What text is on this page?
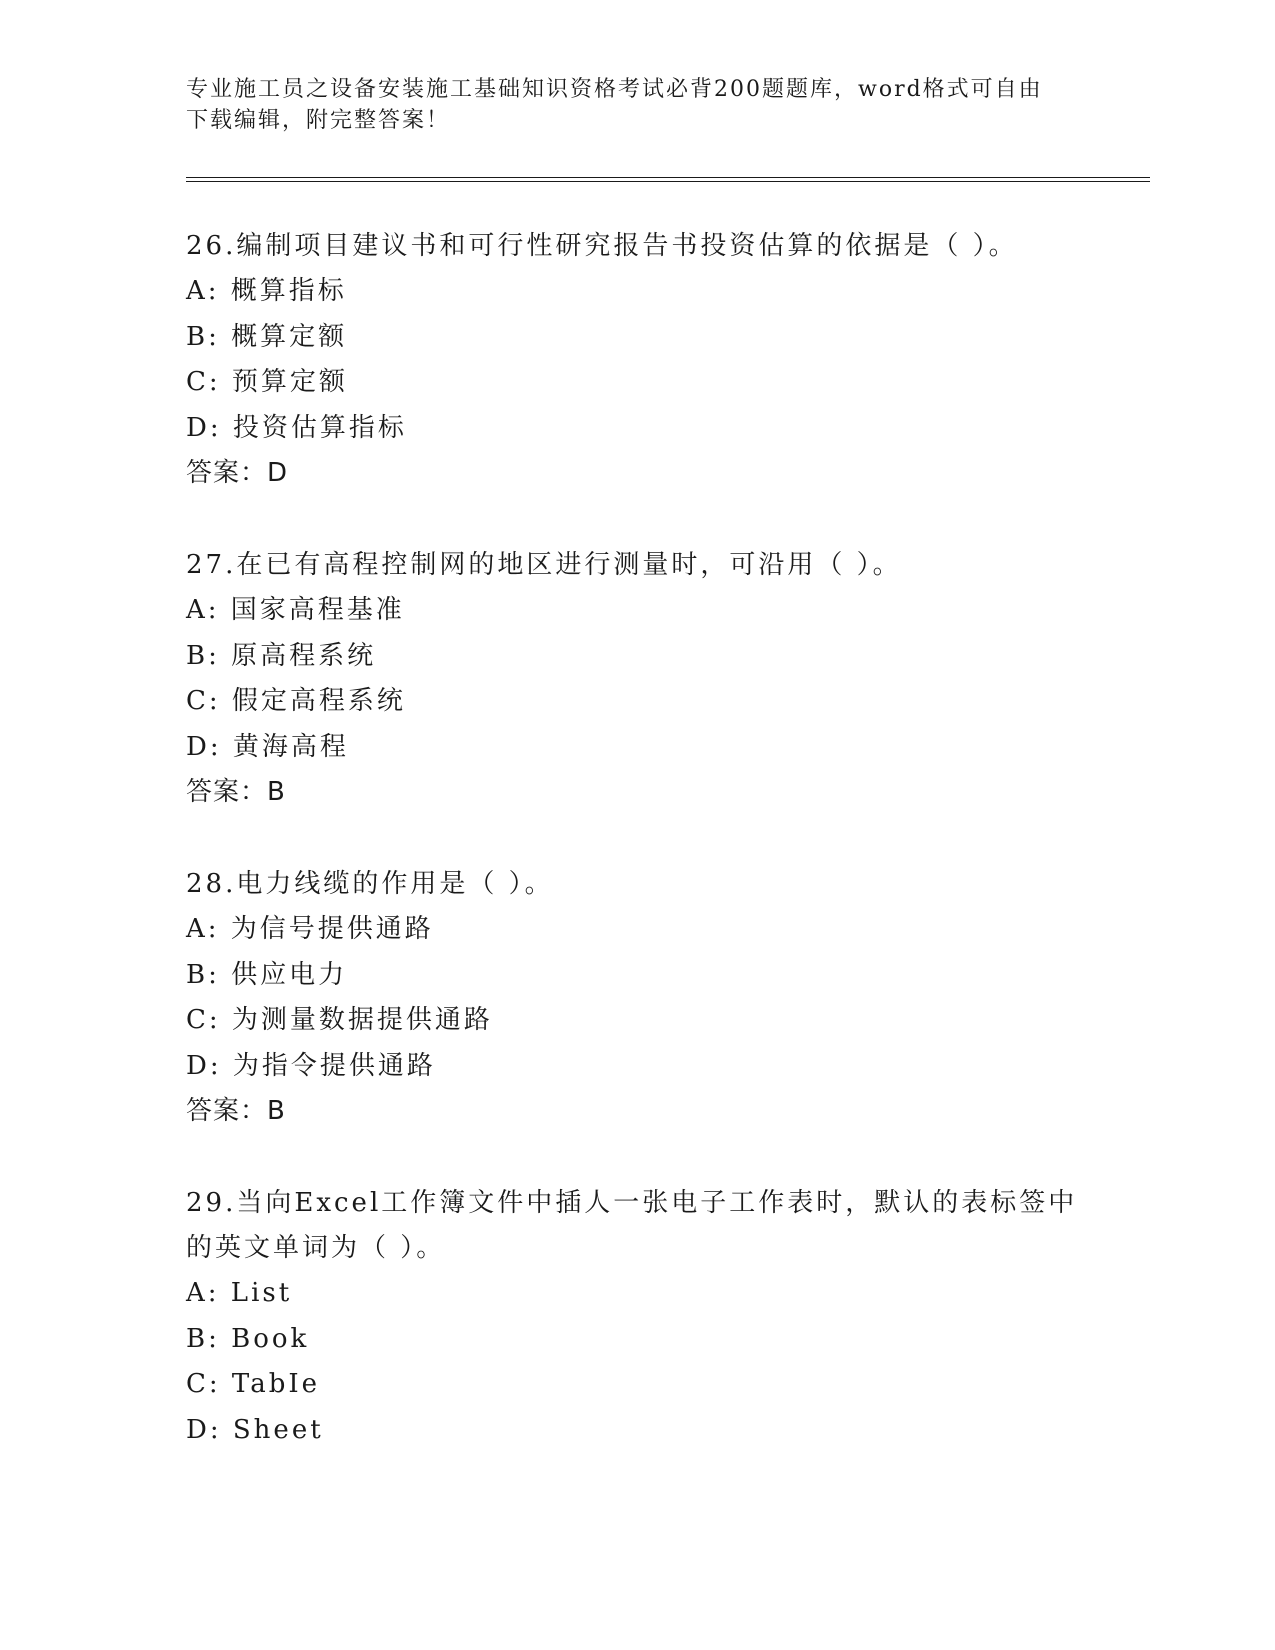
专业施工员之设备安装施工基础知识资格考试必背200题题库，word格式可自由
下载编辑，附完整答案！

26.编制项目建议书和可行性研究报告书投资估算的依据是（ ）。

A: 概算指标

B: 概算定额

C: 预算定额

D: 投资估算指标

答案：D

27.在已有高程控制网的地区进行测量时，可沿用（ ）。

A: 国家高程基准

B: 原高程系统

C: 假定高程系统

D: 黄海高程

答案：B

28.电力线缆的作用是（ ）。

A: 为信号提供通路

B: 供应电力

C: 为测量数据提供通路

D: 为指令提供通路

答案：B

29.当向Excel工作簿文件中插人一张电子工作表时，默认的表标签中

的英文单词为（ ）。

A: List

B: Book

C: TabIe

D: Sheet
